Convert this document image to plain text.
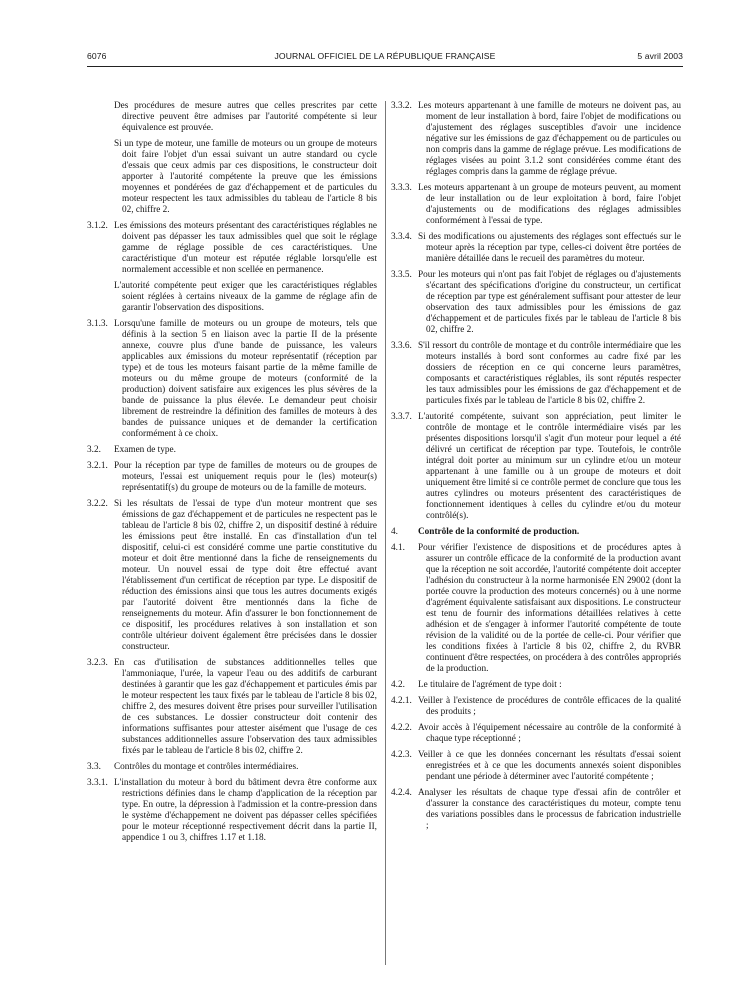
6076	JOURNAL OFFICIEL DE LA RÉPUBLIQUE FRANÇAISE	5 avril 2003
Des procédures de mesure autres que celles prescrites par cette directive peuvent être admises par l'autorité compétente si leur équivalence est prouvée.
Si un type de moteur, une famille de moteurs ou un groupe de moteurs doit faire l'objet d'un essai suivant un autre standard ou cycle d'essais que ceux admis par ces dispositions, le constructeur doit apporter à l'autorité compétente la preuve que les émissions moyennes et pondérées de gaz d'échappement et de particules du moteur respectent les taux admissibles du tableau de l'article 8 bis 02, chiffre 2.
3.1.2. Les émissions des moteurs présentant des caractéristiques réglables ne doivent pas dépasser les taux admissibles quel que soit le réglage gamme de réglage possible de ces caractéristiques. Une caractéristique d'un moteur est réputée réglable lorsqu'elle est normalement accessible et non scellée en permanence.
L'autorité compétente peut exiger que les caractéristiques réglables soient réglées à certains niveaux de la gamme de réglage afin de garantir l'observation des dispositions.
3.1.3. Lorsqu'une famille de moteurs ou un groupe de moteurs, tels que définis à la section 5 en liaison avec la partie II de la présente annexe, couvre plus d'une bande de puissance, les valeurs applicables aux émissions du moteur représentatif (réception par type) et de tous les moteurs faisant partie de la même famille de moteurs ou du même groupe de moteurs (conformité de la production) doivent satisfaire aux exigences les plus sévères de la bande de puissance la plus élevée. Le demandeur peut choisir librement de restreindre la définition des familles de moteurs à des bandes de puissance uniques et de demander la certification conformément à ce choix.
3.2.	Examen de type.
3.2.1. Pour la réception par type de familles de moteurs ou de groupes de moteurs, l'essai est uniquement requis pour le (les) moteur(s) représentatif(s) du groupe de moteurs ou de la famille de moteurs.
3.2.2. Si les résultats de l'essai de type d'un moteur montrent que ses émissions de gaz d'échappement et de particules ne respectent pas le tableau de l'article 8 bis 02, chiffre 2, un dispositif destiné à réduire les émissions peut être installé. En cas d'installation d'un tel dispositif, celui-ci est considéré comme une partie constitutive du moteur et doit être mentionné dans la fiche de renseignements du moteur. Un nouvel essai de type doit être effectué avant l'établissement d'un certificat de réception par type. Le dispositif de réduction des émissions ainsi que tous les autres documents exigés par l'autorité doivent être mentionnés dans la fiche de renseignements du moteur. Afin d'assurer le bon fonctionnement de ce dispositif, les procédures relatives à son installation et son contrôle ultérieur doivent également être précisées dans le dossier constructeur.
3.2.3. En cas d'utilisation de substances additionnelles telles que l'ammoniaque, l'urée, la vapeur l'eau ou des additifs de carburant destinées à garantir que les gaz d'échappement et particules émis par le moteur respectent les taux fixés par le tableau de l'article 8 bis 02, chiffre 2, des mesures doivent être prises pour surveiller l'utilisation de ces substances. Le dossier constructeur doit contenir des informations suffisantes pour attester aisément que l'usage de ces substances additionnelles assure l'observation des taux admissibles fixés par le tableau de l'article 8 bis 02, chiffre 2.
3.3.	Contrôles du montage et contrôles intermédiaires.
3.3.1. L'installation du moteur à bord du bâtiment devra être conforme aux restrictions définies dans le champ d'application de la réception par type. En outre, la dépression à l'admission et la contre-pression dans le système d'échappement ne doivent pas dépasser celles spécifiées pour le moteur réceptionné respectivement décrit dans la partie II, appendice 1 ou 3, chiffres 1.17 et 1.18.
3.3.2. Les moteurs appartenant à une famille de moteurs ne doivent pas, au moment de leur installation à bord, faire l'objet de modifications ou d'ajustement des réglages susceptibles d'avoir une incidence négative sur les émissions de gaz d'échappement ou de particules ou non compris dans la gamme de réglage prévue. Les modifications de réglages visées au point 3.1.2 sont considérées comme étant des réglages compris dans la gamme de réglage prévue.
3.3.3. Les moteurs appartenant à un groupe de moteurs peuvent, au moment de leur installation ou de leur exploitation à bord, faire l'objet d'ajustements ou de modifications des réglages admissibles conformément à l'essai de type.
3.3.4. Si des modifications ou ajustements des réglages sont effectués sur le moteur après la réception par type, celles-ci doivent être portées de manière détaillée dans le recueil des paramètres du moteur.
3.3.5. Pour les moteurs qui n'ont pas fait l'objet de réglages ou d'ajustements s'écartant des spécifications d'origine du constructeur, un certificat de réception par type est généralement suffisant pour attester de leur observation des taux admissibles pour les émissions de gaz d'échappement et de particules fixés par le tableau de l'article 8 bis 02, chiffre 2.
3.3.6. S'il ressort du contrôle de montage et du contrôle intermédiaire que les moteurs installés à bord sont conformes au cadre fixé par les dossiers de réception en ce qui concerne leurs paramètres, composants et caractéristiques réglables, ils sont réputés respecter les taux admissibles pour les émissions de gaz d'échappement et de particules fixés par le tableau de l'article 8 bis 02, chiffre 2.
3.3.7. L'autorité compétente, suivant son appréciation, peut limiter le contrôle de montage et le contrôle intermédiaire visés par les présentes dispositions lorsqu'il s'agit d'un moteur pour lequel a été délivré un certificat de réception par type. Toutefois, le contrôle intégral doit porter au minimum sur un cylindre et/ou un moteur appartenant à une famille ou à un groupe de moteurs et doit uniquement être limité si ce contrôle permet de conclure que tous les autres cylindres ou moteurs présentent des caractéristiques de fonctionnement identiques à celles du cylindre et/ou du moteur contrôlé(s).
4.	Contrôle de la conformité de production.
4.1.	Pour vérifier l'existence de dispositions et de procédures aptes à assurer un contrôle efficace de la conformité de la production avant que la réception ne soit accordée, l'autorité compétente doit accepter l'adhésion du constructeur à la norme harmonisée EN 29002 (dont la portée couvre la production des moteurs concernés) ou à une norme d'agrément équivalente satisfaisant aux dispositions. Le constructeur est tenu de fournir des informations détaillées relatives à cette adhésion et de s'engager à informer l'autorité compétente de toute révision de la validité ou de la portée de celle-ci. Pour vérifier que les conditions fixées à l'article 8 bis 02, chiffre 2, du RVBR continuent d'être respectées, on procédera à des contrôles appropriés de la production.
4.2.	Le titulaire de l'agrément de type doit :
4.2.1. Veiller à l'existence de procédures de contrôle efficaces de la qualité des produits ;
4.2.2. Avoir accès à l'équipement nécessaire au contrôle de la conformité à chaque type réceptionné ;
4.2.3. Veiller à ce que les données concernant les résultats d'essai soient enregistrées et à ce que les documents annexés soient disponibles pendant une période à déterminer avec l'autorité compétente ;
4.2.4. Analyser les résultats de chaque type d'essai afin de contrôler et d'assurer la constance des caractéristiques du moteur, compte tenu des variations possibles dans le processus de fabrication industrielle ;
